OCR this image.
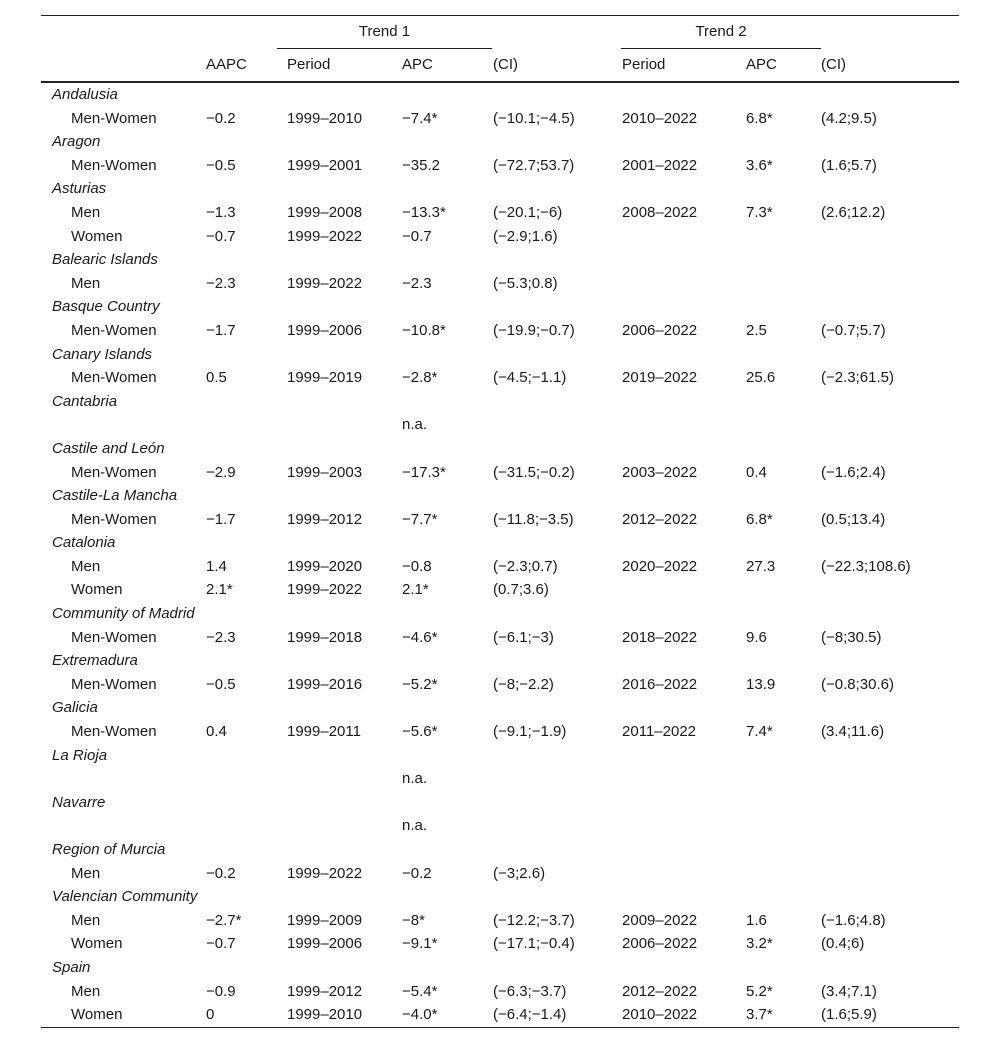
		Trend 1			Trend 2		

	AAPC	Period	APC	(CI)	Period	APC	(CI)
Andalusia							
Men-Women	−0.2	1999–2010	−7.4*	(−10.1;−4.5)	2010–2022	6.8*	(4.2;9.5)
Aragon							
Men-Women	−0.5	1999–2001	−35.2	(−72.7;53.7)	2001–2022	3.6*	(1.6;5.7)
Asturias							
Men	−1.3	1999–2008	−13.3*	(−20.1;−6)	2008–2022	7.3*	(2.6;12.2)
Women	−0.7	1999–2022	−0.7	(−2.9;1.6)			
Balearic Islands							
Men	−2.3	1999–2022	−2.3	(−5.3;0.8)			
Basque Country							
Men-Women	−1.7	1999–2006	−10.8*	(−19.9;−0.7)	2006–2022	2.5	(−0.7;5.7)
Canary Islands							
Men-Women	0.5	1999–2019	−2.8*	(−4.5;−1.1)	2019–2022	25.6	(−2.3;61.5)
Cantabria							
			n.a.				
Castile and León							
Men-Women	−2.9	1999–2003	−17.3*	(−31.5;−0.2)	2003–2022	0.4	(−1.6;2.4)
Castile-La Mancha							
Men-Women	−1.7	1999–2012	−7.7*	(−11.8;−3.5)	2012–2022	6.8*	(0.5;13.4)
Catalonia							
Men	1.4	1999–2020	−0.8	(−2.3;0.7)	2020–2022	27.3	(−22.3;108.6)
Women	2.1*	1999–2022	2.1*	(0.7;3.6)			
Community of Madrid							
Men-Women	−2.3	1999–2018	−4.6*	(−6.1;−3)	2018–2022	9.6	(−8;30.5)
Extremadura							
Men-Women	−0.5	1999–2016	−5.2*	(−8;−2.2)	2016–2022	13.9	(−0.8;30.6)
Galicia							
Men-Women	0.4	1999–2011	−5.6*	(−9.1;−1.9)	2011–2022	7.4*	(3.4;11.6)
La Rioja							
			n.a.				
Navarre							
			n.a.				
Region of Murcia							
Men	−0.2	1999–2022	−0.2	(−3;2.6)			
Valencian Community							
Men	−2.7*	1999–2009	−8*	(−12.2;−3.7)	2009–2022	1.6	(−1.6;4.8)
Women	−0.7	1999–2006	−9.1*	(−17.1;−0.4)	2006–2022	3.2*	(0.4;6)
Spain							
Men	−0.9	1999–2012	−5.4*	(−6.3;−3.7)	2012–2022	5.2*	(3.4;7.1)
Women	0	1999–2010	−4.0*	(−6.4;−1.4)	2010–2022	3.7*	(1.6;5.9)
